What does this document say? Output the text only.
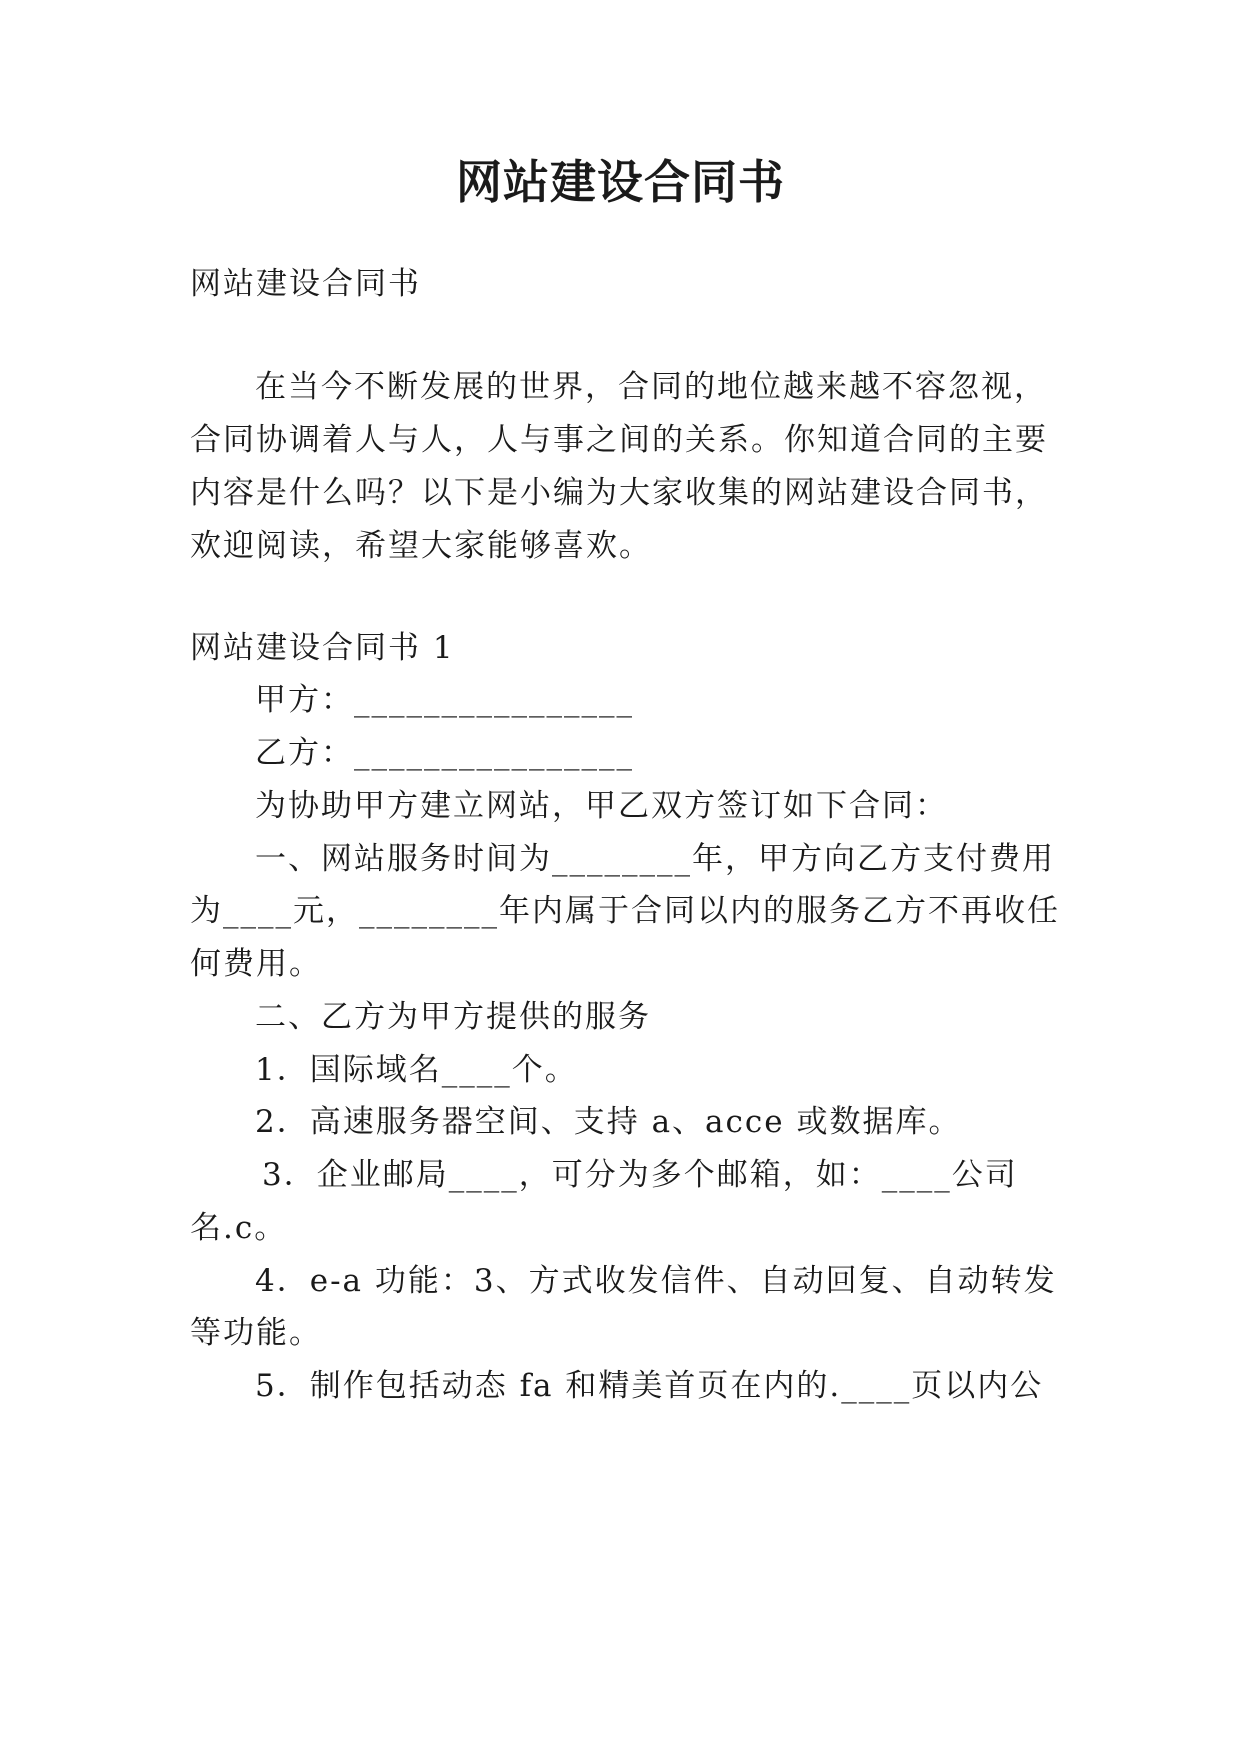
网站建设合同书
网站建设合同书
在当今不断发展的世界，合同的地位越来越不容忽视，
合同协调着人与人，人与事之间的关系。你知道合同的主要
内容是什么吗？以下是小编为大家收集的网站建设合同书，
欢迎阅读，希望大家能够喜欢。
网站建设合同书 1
甲方：________________
乙方：________________
为协助甲方建立网站，甲乙双方签订如下合同：
一、网站服务时间为________年，甲方向乙方支付费用
为____元，________年内属于合同以内的服务乙方不再收任
何费用。
二、乙方为甲方提供的服务
1．国际域名____个。
2．高速服务器空间、支持 a、acce 或数据库。
3．企业邮局____，可分为多个邮箱，如：____公司
名.c。
4．e-a 功能：3、方式收发信件、自动回复、自动转发
等功能。
5．制作包括动态 fa 和精美首页在内的.____页以内公
